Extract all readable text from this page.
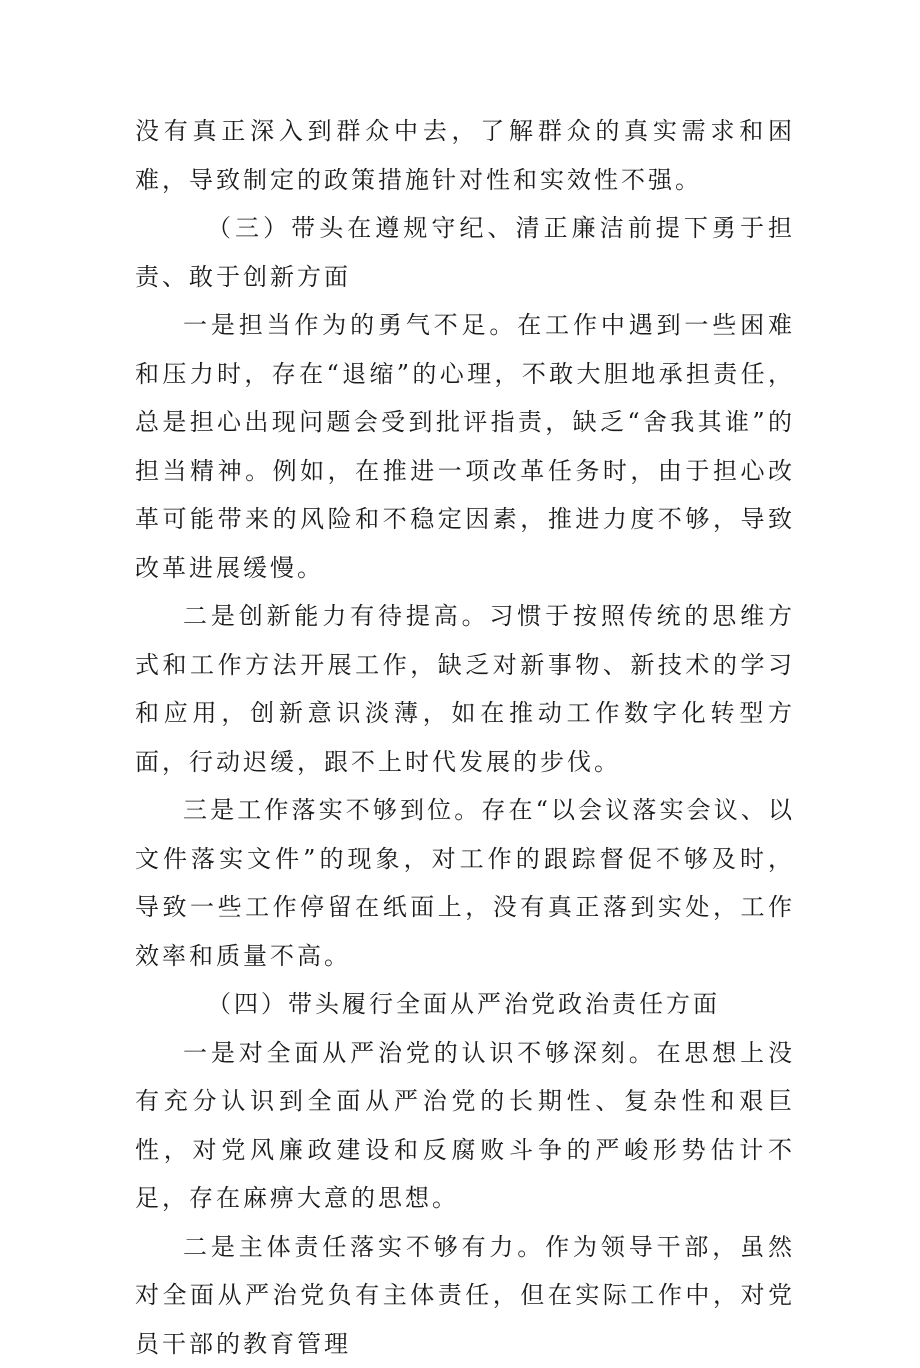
没有真正深入到群众中去，了解群众的真实需求和困难，导致制定的政策措施针对性和实效性不强。

（三）带头在遵规守纪、清正廉洁前提下勇于担责、敢于创新方面

一是担当作为的勇气不足。在工作中遇到一些困难和压力时，存在“退缩”的心理，不敢大胆地承担责任，总是担心出现问题会受到批评指责，缺乏“舍我其谁”的担当精神。例如，在推进一项改革任务时，由于担心改革可能带来的风险和不稳定因素，推进力度不够，导致改革进展缓慢。

二是创新能力有待提高。习惯于按照传统的思维方式和工作方法开展工作，缺乏对新事物、新技术的学习和应用，创新意识淡薄，如在推动工作数字化转型方面，行动迟缓，跟不上时代发展的步伐。

三是工作落实不够到位。存在“以会议落实会议、以文件落实文件”的现象，对工作的跟踪督促不够及时，导致一些工作停留在纸面上，没有真正落到实处，工作效率和质量不高。

（四）带头履行全面从严治党政治责任方面

一是对全面从严治党的认识不够深刻。在思想上没有充分认识到全面从严治党的长期性、复杂性和艰巨性，对党风廉政建设和反腐败斗争的严峻形势估计不足，存在麻痹大意的思想。

二是主体责任落实不够有力。作为领导干部，虽然对全面从严治党负有主体责任，但在实际工作中，对党员干部的教育管理
